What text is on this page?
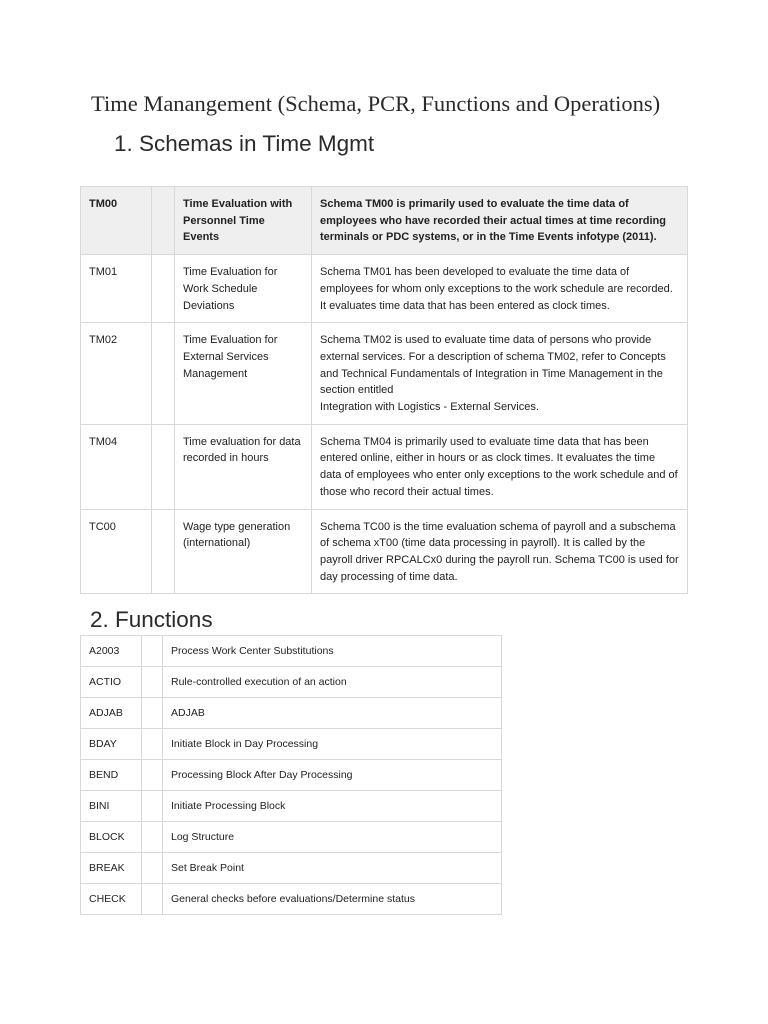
Time Manangement (Schema, PCR, Functions and Operations)
1. Schemas in Time Mgmt
TM00		Time Evaluation with Personnel Time Events	Schema TM00 is primarily used to evaluate the time data of employees who have recorded their actual times at time recording terminals or PDC systems, or in the Time Events infotype (2011).
TM01		Time Evaluation for Work Schedule Deviations	Schema TM01 has been developed to evaluate the time data of employees for whom only exceptions to the work schedule are recorded. It evaluates time data that has been entered as clock times.
TM02		Time Evaluation for External Services Management	Schema TM02 is used to evaluate time data of persons who provide external services. For a description of schema TM02, refer to Concepts and Technical Fundamentals of Integration in Time Management in the section entitled
Integration with Logistics - External Services.
TM04		Time evaluation for data recorded in hours	Schema TM04 is primarily used to evaluate time data that has been entered online, either in hours or as clock times. It evaluates the time data of employees who enter only exceptions to the work schedule and of those who record their actual times.
TC00		Wage type generation (international)	Schema TC00 is the time evaluation schema of payroll and a subschema of schema xT00 (time data processing in payroll). It is called by the payroll driver RPCALCx0 during the payroll run. Schema TC00 is used for day processing of time data.
2. Functions
A2003		Process Work Center Substitutions
ACTIO		Rule-controlled execution of an action
ADJAB		ADJAB
BDAY		Initiate Block in Day Processing
BEND		Processing Block After Day Processing
BINI		Initiate Processing Block
BLOCK		Log Structure
BREAK		Set Break Point
CHECK		General checks before evaluations/Determine status
